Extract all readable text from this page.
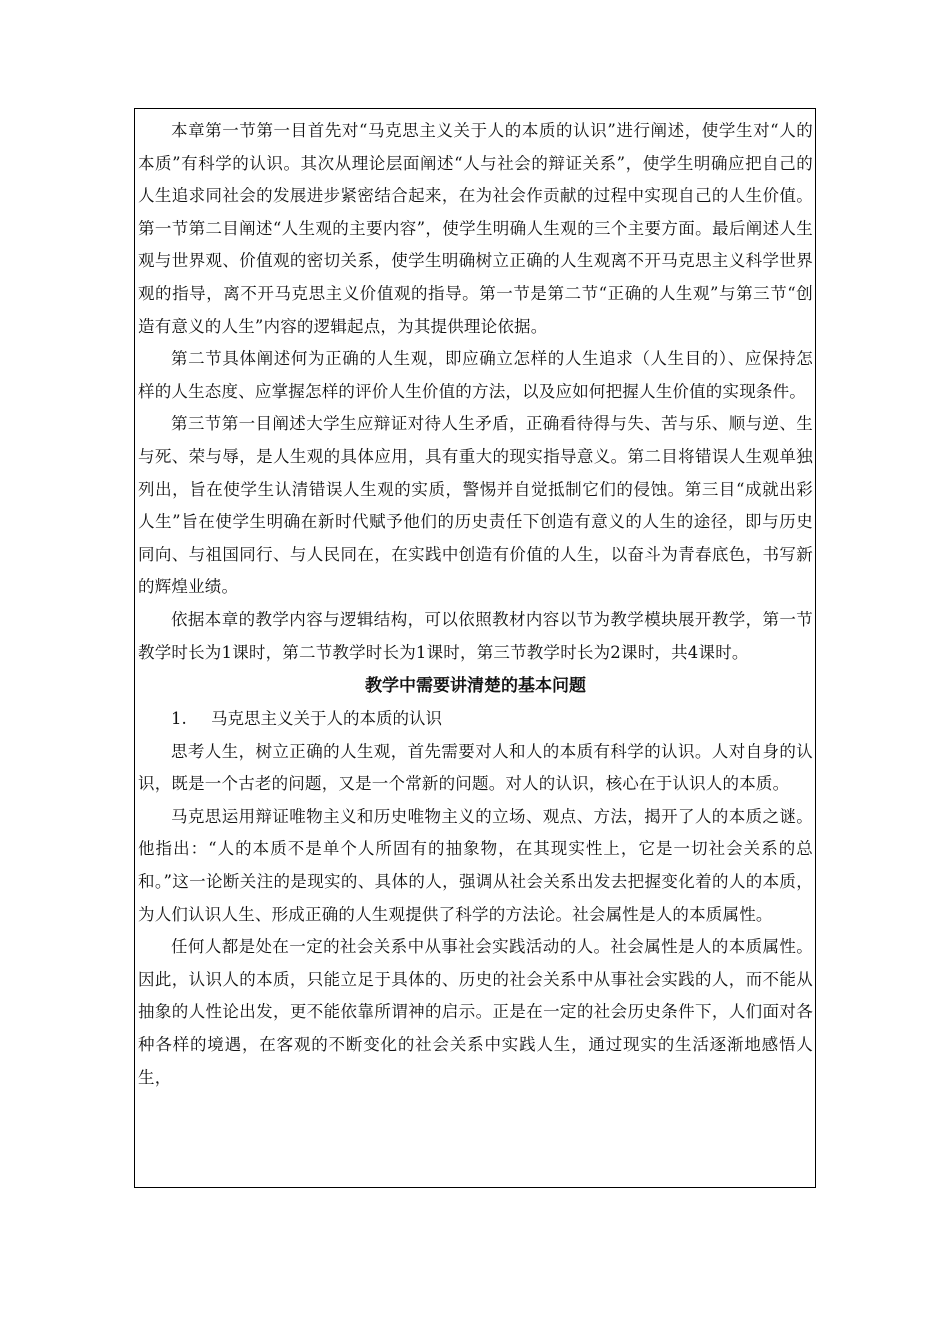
本章第一节第一目首先对“马克思主义关于人的本质的认识”进行阐述，使学生对“人的本质”有科学的认识。其次从理论层面阐述“人与社会的辩证关系”，使学生明确应把自己的人生追求同社会的发展进步紧密结合起来，在为社会作贡献的过程中实现自己的人生价值。第一节第二目阐述“人生观的主要内容”，使学生明确人生观的三个主要方面。最后阐述人生观与世界观、价值观的密切关系，使学生明确树立正确的人生观离不开马克思主义科学世界观的指导，离不开马克思主义价值观的指导。第一节是第二节“正确的人生观”与第三节“创造有意义的人生”内容的逻辑起点，为其提供理论依据。

第二节具体阐述何为正确的人生观，即应确立怎样的人生追求（人生目的）、应保持怎样的人生态度、应掌握怎样的评价人生价值的方法，以及应如何把握人生价值的实现条件。

第三节第一目阐述大学生应辩证对待人生矛盾，正确看待得与失、苦与乐、顺与逆、生与死、荣与辱，是人生观的具体应用，具有重大的现实指导意义。第二目将错误人生观单独列出，旨在使学生认清错误人生观的实质，警惕并自觉抵制它们的侵蚀。第三目“成就出彩人生”旨在使学生明确在新时代赋予他们的历史责任下创造有意义的人生的途径，即与历史同向、与祖国同行、与人民同在，在实践中创造有价值的人生，以奋斗为青春底色，书写新的辉煌业绩。

依据本章的教学内容与逻辑结构，可以依照教材内容以节为教学模块展开教学，第一节教学时长为1课时，第二节教学时长为1课时，第三节教学时长为2课时，共4课时。

教学中需要讲清楚的基本问题

1. 马克思主义关于人的本质的认识

思考人生，树立正确的人生观，首先需要对人和人的本质有科学的认识。人对自身的认识，既是一个古老的问题，又是一个常新的问题。对人的认识，核心在于认识人的本质。

马克思运用辩证唯物主义和历史唯物主义的立场、观点、方法，揭开了人的本质之谜。他指出：“人的本质不是单个人所固有的抽象物，在其现实性上，它是一切社会关系的总和。”这一论断关注的是现实的、具体的人，强调从社会关系出发去把握变化着的人的本质，为人们认识人生、形成正确的人生观提供了科学的方法论。社会属性是人的本质属性。

任何人都是处在一定的社会关系中从事社会实践活动的人。社会属性是人的本质属性。因此，认识人的本质，只能立足于具体的、历史的社会关系中从事社会实践的人，而不能从抽象的人性论出发，更不能依靠所谓神的启示。正是在一定的社会历史条件下，人们面对各种各样的境遇，在客观的不断变化的社会关系中实践人生，通过现实的生活逐渐地感悟人生，
